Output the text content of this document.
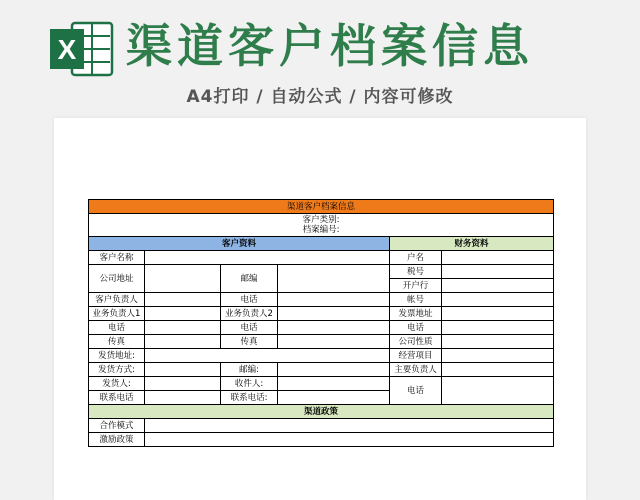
X 渠道客户档案信息
A4打印 / 自动公式 / 内容可修改
渠道客户档案信息					

客户类别:
档案编号:					

客户资料				财务资料	
客户名称				户名	
公司地址		邮编		税号	
				开户行	
客户负责人		电话		帐号	
业务负责人1		业务负责人2		发票地址	
电话		电话		电话	
传真		传真		公司性质	
发货地址:				经营项目	
发货方式:		邮编:		主要负责人	
发货人:		收件人:		电话	
联系电话		联系电话:			
渠道政策					
合作模式					
激励政策					
